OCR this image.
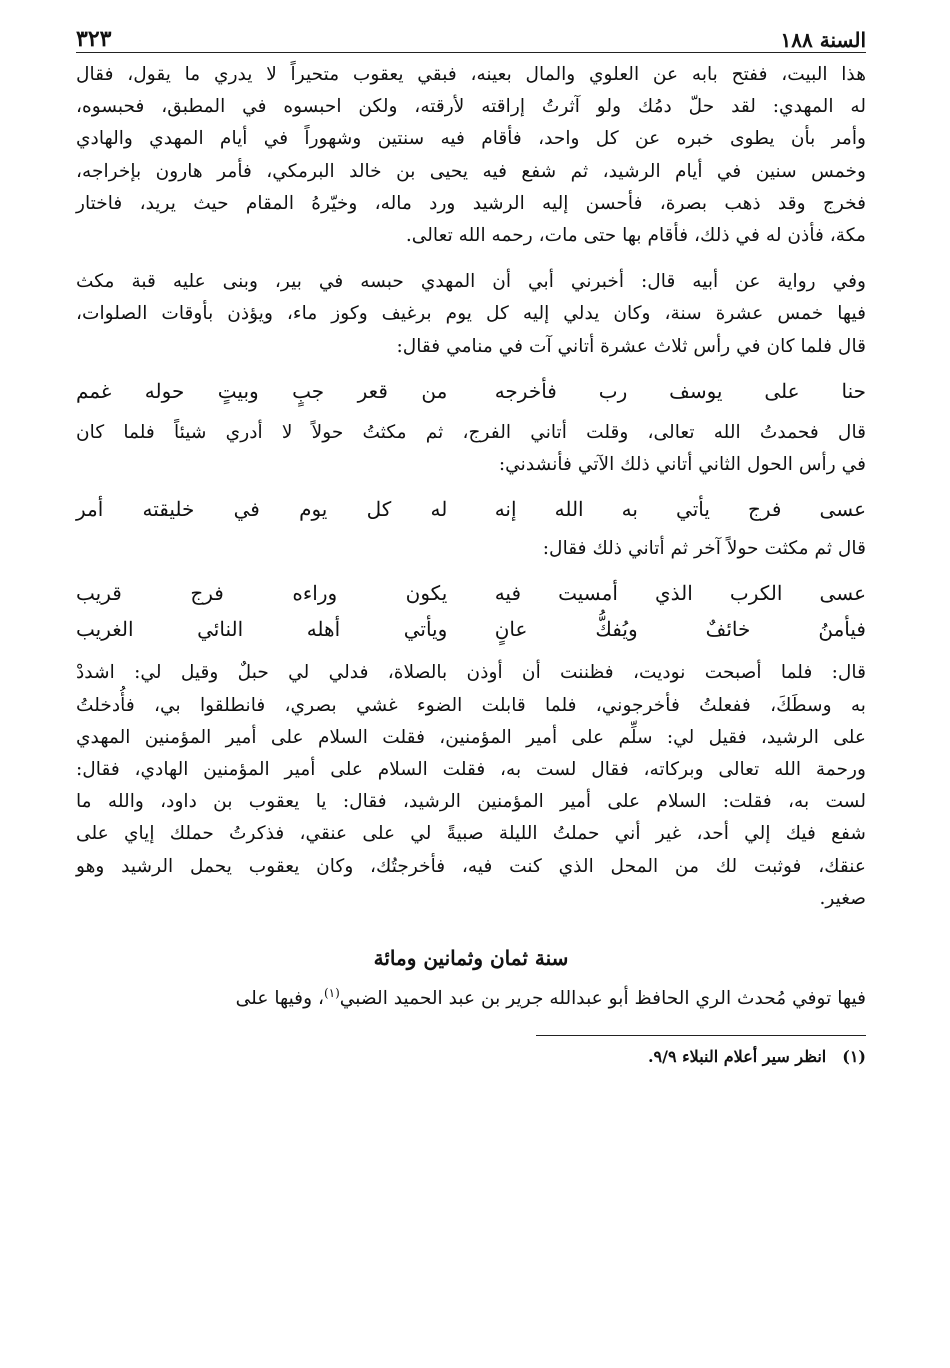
السنة ١٨٨
٣٢٣
هذا البيت، ففتح بابه عن العلوي والمال بعينه، فبقي يعقوب متحيراً لا يدري ما يقول، فقال
له المهدي: لقد حلّ دمُك ولو آثرتُ إراقته لأرقته، ولكن احبسوه في المطبق، فحبسوه،
وأمر بأن يطوى خبره عن كل واحد، فأقام فيه سنتين وشهوراً في أيام المهدي والهادي
وخمس سنين في أيام الرشيد، ثم شفع فيه يحيى بن خالد البرمكي، فأمر هارون بإخراجه،
فخرج وقد ذهب بصرة، فأحسن إليه الرشيد ورد ماله، وخيّرهُ المقام حيث يريد، فاختار
مكة، فأذن له في ذلك، فأقام بها حتى مات، رحمه الله تعالى.
وفي رواية عن أبيه قال: أخبرني أبي أن المهدي حبسه في بير، وبنى عليه قبة مكث
فيها خمس عشرة سنة، وكان يدلي إليه كل يوم برغيف وكوز ماء، ويؤذن بأوقات الصلوات،
قال فلما كان في رأس ثلاث عشرة أتاني آت في منامي فقال:
حنا على يوسف رب فأخرجه
من قعر جبٍ وبيتٍ حوله غمم
قال فحمدتُ الله تعالى، وقلت أتاني الفرج، ثم مكثتُ حولاً لا أدري شيئاً فلما كان
في رأس الحول الثاني أتاني ذلك الآتي فأنشدني:
عسى فرج يأتي به الله إنه
له كل يوم في خليقته أمر
قال ثم مكثت حولاً آخر ثم أتاني ذلك فقال:
عسى الكرب الذي أمسيت فيه
يكون وراءه فرج قريب
فيأمنُ خائفٌ ويُفكُّ عانٍ
ويأتي أهله النائي الغريب
قال: فلما أصبحت نوديت، فظننت أن أوذن بالصلاة، فدلي لي حبلٌ وقيل لي: اشددْ
به وسطَكَ، ففعلتُ فأخرجوني، فلما قابلت الضوء غشي بصري، فانطلقوا بي، فأُدخلتُ
على الرشيد، فقيل لي: سلِّم على أمير المؤمنين، فقلت السلام على أمير المؤمنين المهدي
ورحمة الله تعالى وبركاته، فقال لست به، فقلت السلام على أمير المؤمنين الهادي، فقال:
لست به، فقلت: السلام على أمير المؤمنين الرشيد، فقال: يا يعقوب بن داود، والله ما
شفع فيك إلي أحد، غير أني حملتُ الليلة صبيةً لي على عنقي، فذكرتُ حملك إياي على
عنقك، فوثبت لك من المحل الذي كنت فيه، فأخرجتُك، وكان يعقوب يحمل الرشيد وهو
صغير.
سنة ثمان وثمانين ومائة
فيها توفي مُحدث الري الحافظ أبو عبدالله جرير بن عبد الحميد الضبي$^{(١)}$، وفيها على
(١)انظر سير أعلام النبلاء ٩/٩.
